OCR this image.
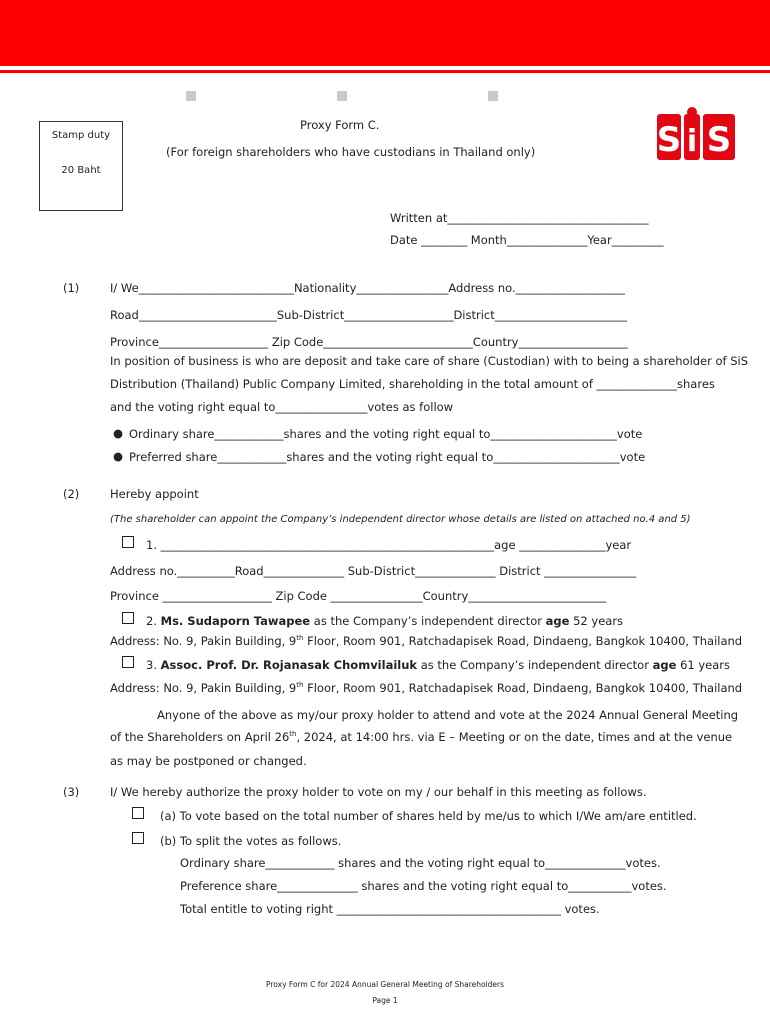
Stamp duty
20 Baht
Proxy Form C.
(For foreign shareholders who have custodians in Thailand only)	S i S
Written at___________________________________
Date ________ Month______________Year_________
(1)	I/ We___________________________Nationality________________Address no.___________________
Road________________________Sub-District___________________District_______________________
Province___________________ Zip Code__________________________Country___________________
In position of business is who are deposit and take care of share (Custodian) with to being a shareholder of SiS
Distribution (Thailand) Public Company Limited, shareholding in the total amount of ______________shares
and the voting right equal to________________votes as follow
● Ordinary share____________shares and the voting right equal to______________________vote
● Preferred share____________shares and the voting right equal to______________________vote
(2)	Hereby appoint
(The shareholder can appoint the Company’s independent director whose details are listed on attached no.4 and 5)
1. __________________________________________________________age _______________year
Address no.__________Road______________ Sub-District______________ District ________________
Province ___________________ Zip Code ________________Country________________________
2. Ms. Sudaporn Tawapee as the Company’s independent director age 52 years
Address: No. 9, Pakin Building, 9th Floor, Room 901, Ratchadapisek Road, Dindaeng, Bangkok 10400, Thailand
3. Assoc. Prof. Dr. Rojanasak Chomvilailuk as the Company’s independent director age 61 years
Address: No. 9, Pakin Building, 9th Floor, Room 901, Ratchadapisek Road, Dindaeng, Bangkok 10400, Thailand
Anyone of the above as my/our proxy holder to attend and vote at the 2024 Annual General Meeting
of the Shareholders on April 26th, 2024, at 14:00 hrs. via E – Meeting or on the date, times and at the venue
as may be postponed or changed.
(3)	I/ We hereby authorize the proxy holder to vote on my / our behalf in this meeting as follows.
(a) To vote based on the total number of shares held by me/us to which I/We am/are entitled.
(b) To split the votes as follows.
Ordinary share____________ shares and the voting right equal to______________votes.
Preference share______________ shares and the voting right equal to___________votes.
Total entitle to voting right _______________________________________ votes.
Proxy Form C for 2024 Annual General Meeting of Shareholders
Page 1
